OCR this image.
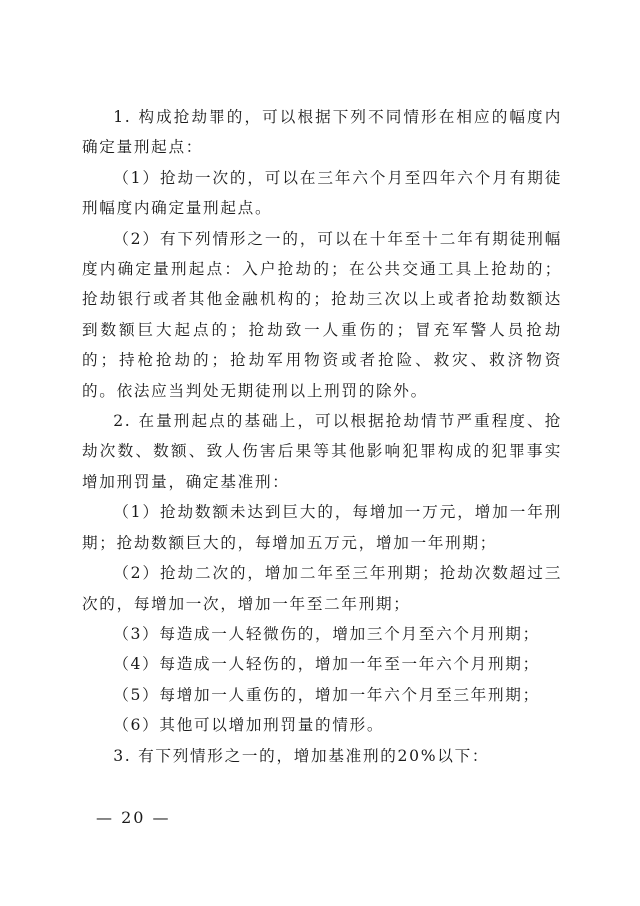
1. 构成抢劫罪的，可以根据下列不同情形在相应的幅度内确定量刑起点：

（1）抢劫一次的，可以在三年六个月至四年六个月有期徒刑幅度内确定量刑起点。

（2）有下列情形之一的，可以在十年至十二年有期徒刑幅度内确定量刑起点：入户抢劫的；在公共交通工具上抢劫的；抢劫银行或者其他金融机构的；抢劫三次以上或者抢劫数额达到数额巨大起点的；抢劫致一人重伤的；冒充军警人员抢劫的；持枪抢劫的；抢劫军用物资或者抢险、救灾、救济物资的。依法应当判处无期徒刑以上刑罚的除外。

2. 在量刑起点的基础上，可以根据抢劫情节严重程度、抢劫次数、数额、致人伤害后果等其他影响犯罪构成的犯罪事实增加刑罚量，确定基准刑：

（1）抢劫数额未达到巨大的，每增加一万元，增加一年刑期；抢劫数额巨大的，每增加五万元，增加一年刑期；

（2）抢劫二次的，增加二年至三年刑期；抢劫次数超过三次的，每增加一次，增加一年至二年刑期；

（3）每造成一人轻微伤的，增加三个月至六个月刑期；

（4）每造成一人轻伤的，增加一年至一年六个月刑期；

（5）每增加一人重伤的，增加一年六个月至三年刑期；

（6）其他可以增加刑罚量的情形。

3. 有下列情形之一的，增加基准刑的20%以下：

— 20 —
